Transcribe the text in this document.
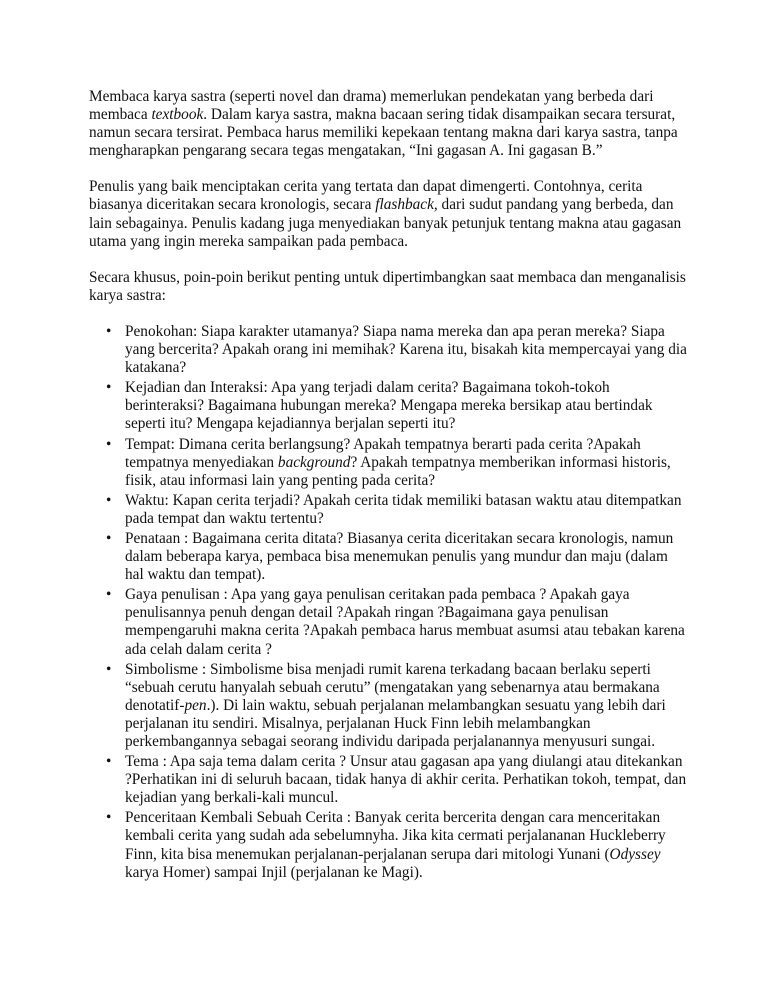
Membaca karya sastra (seperti novel dan drama) memerlukan pendekatan yang berbeda dari membaca textbook. Dalam karya sastra, makna bacaan sering tidak disampaikan secara tersurat, namun secara tersirat. Pembaca harus memiliki kepekaan tentang makna dari karya sastra, tanpa mengharapkan pengarang secara tegas mengatakan, “Ini gagasan A. Ini gagasan B.”

Penulis yang baik menciptakan cerita yang tertata dan dapat dimengerti. Contohnya, cerita biasanya diceritakan secara kronologis, secara flashback, dari sudut pandang yang berbeda, dan lain sebagainya. Penulis kadang juga menyediakan banyak petunjuk tentang makna atau gagasan utama yang ingin mereka sampaikan pada pembaca.

Secara khusus, poin-poin berikut penting untuk dipertimbangkan saat membaca dan menganalisis karya sastra:

• Penokohan: Siapa karakter utamanya? Siapa nama mereka dan apa peran mereka? Siapa yang bercerita? Apakah orang ini memihak? Karena itu, bisakah kita mempercayai yang dia katakana?
• Kejadian dan Interaksi: Apa yang terjadi dalam cerita? Bagaimana tokoh-tokoh berinteraksi? Bagaimana hubungan mereka? Mengapa mereka bersikap atau bertindak seperti itu? Mengapa kejadiannya berjalan seperti itu?
• Tempat: Dimana cerita berlangsung? Apakah tempatnya berarti pada cerita ?Apakah tempatnya menyediakan background? Apakah tempatnya memberikan informasi historis, fisik, atau informasi lain yang penting pada cerita?
• Waktu: Kapan cerita terjadi? Apakah cerita tidak memiliki batasan waktu atau ditempatkan pada tempat dan waktu tertentu?
• Penataan : Bagaimana cerita ditata? Biasanya cerita diceritakan secara kronologis, namun dalam beberapa karya, pembaca bisa menemukan penulis yang mundur dan maju (dalam hal waktu dan tempat).
• Gaya penulisan : Apa yang gaya penulisan ceritakan pada pembaca ? Apakah gaya penulisannya penuh dengan detail ?Apakah ringan ?Bagaimana gaya penulisan mempengaruhi makna cerita ?Apakah pembaca harus membuat asumsi atau tebakan karena ada celah dalam cerita ?
• Simbolisme : Simbolisme bisa menjadi rumit karena terkadang bacaan berlaku seperti “sebuah cerutu hanyalah sebuah cerutu” (mengatakan yang sebenarnya atau bermakana denotatif-pen.). Di lain waktu, sebuah perjalanan melambangkan sesuatu yang lebih dari perjalanan itu sendiri. Misalnya, perjalanan Huck Finn lebih melambangkan perkembangannya sebagai seorang individu daripada perjalanannya menyusuri sungai.
• Tema : Apa saja tema dalam cerita ? Unsur atau gagasan apa yang diulangi atau ditekankan ?Perhatikan ini di seluruh bacaan, tidak hanya di akhir cerita. Perhatikan tokoh, tempat, dan kejadian yang berkali-kali muncul.
• Penceritaan Kembali Sebuah Cerita : Banyak cerita bercerita dengan cara menceritakan kembali cerita yang sudah ada sebelumnyha. Jika kita cermati perjalananan Huckleberry Finn, kita bisa menemukan perjalanan-perjalanan serupa dari mitologi Yunani (Odyssey karya Homer) sampai Injil (perjalanan ke Magi).
